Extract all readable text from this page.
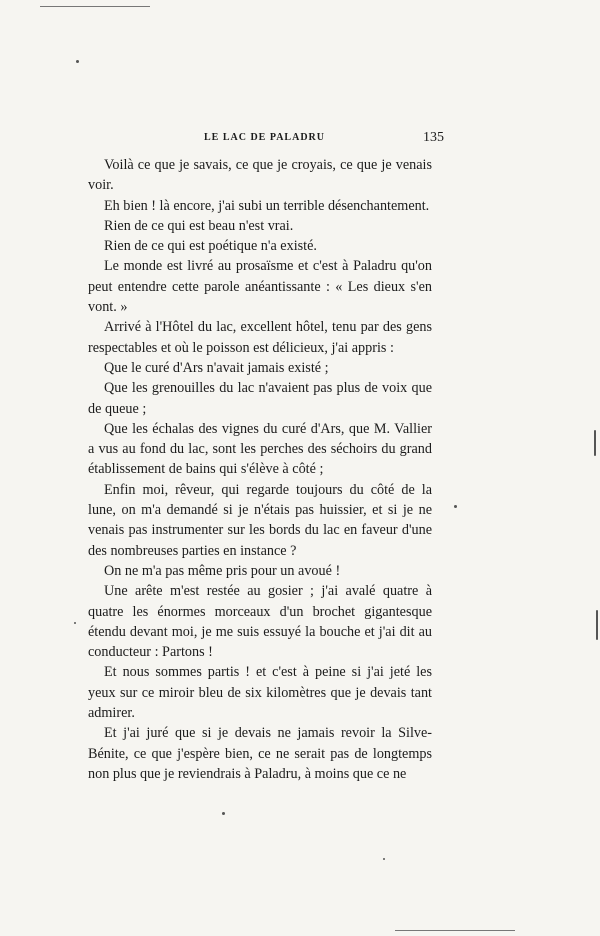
LE LAC DE PALADRU	135

Voilà ce que je savais, ce que je croyais, ce que je venais voir.

Eh bien ! là encore, j'ai subi un terrible désenchantement.

Rien de ce qui est beau n'est vrai.

Rien de ce qui est poétique n'a existé.

Le monde est livré au prosaïsme et c'est à Paladru qu'on peut entendre cette parole anéantissante : « Les dieux s'en vont. »

Arrivé à l'Hôtel du lac, excellent hôtel, tenu par des gens respectables et où le poisson est délicieux, j'ai appris :

Que le curé d'Ars n'avait jamais existé ;

Que les grenouilles du lac n'avaient pas plus de voix que de queue ;

Que les échalas des vignes du curé d'Ars, que M. Vallier a vus au fond du lac, sont les perches des séchoirs du grand établissement de bains qui s'élève à côté ;

Enfin moi, rêveur, qui regarde toujours du côté de la lune, on m'a demandé si je n'étais pas huissier, et si je ne venais pas instrumenter sur les bords du lac en faveur d'une des nombreuses parties en instance ?

On ne m'a pas même pris pour un avoué !

Une arête m'est restée au gosier ; j'ai avalé quatre à quatre les énormes morceaux d'un brochet gigantesque étendu devant moi, je me suis essuyé la bouche et j'ai dit au conducteur : Partons !

Et nous sommes partis ! et c'est à peine si j'ai jeté les yeux sur ce miroir bleu de six kilomètres que je devais tant admirer.

Et j'ai juré que si je devais ne jamais revoir la Silve-Bénite, ce que j'espère bien, ce ne serait pas de longtemps non plus que je reviendrais à Paladru, à moins que ce ne
